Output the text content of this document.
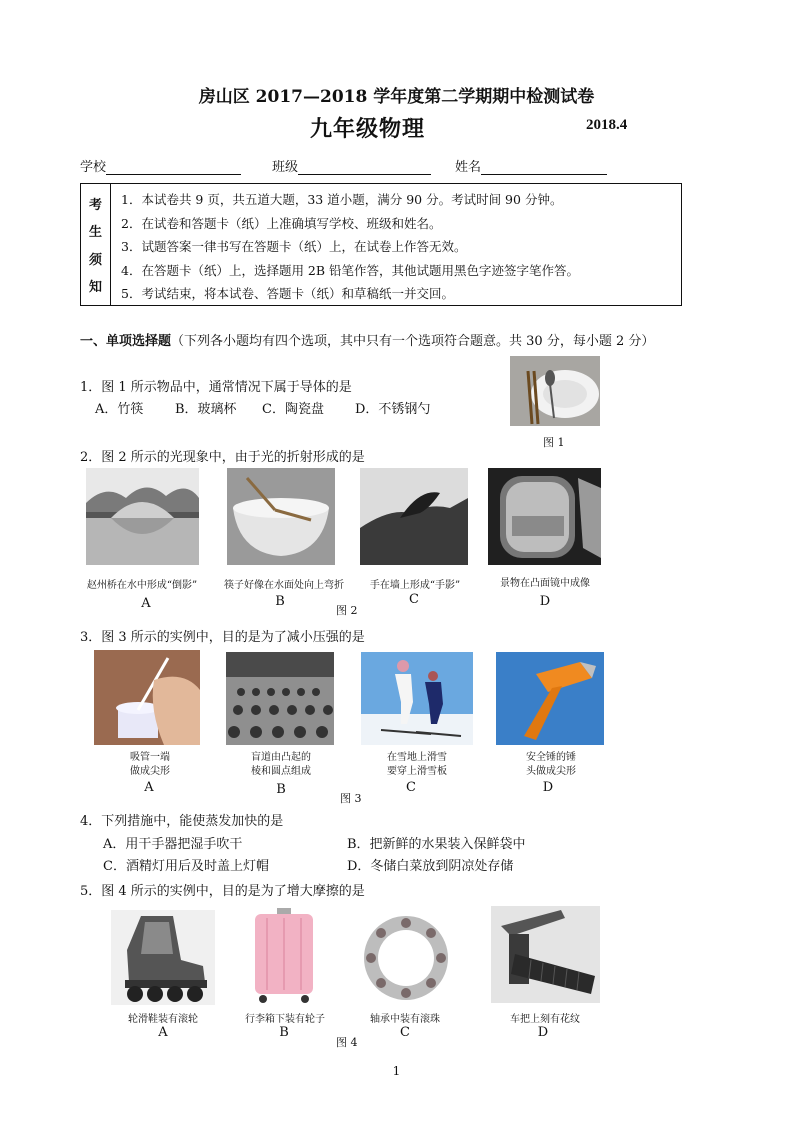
房山区 2017—2018 学年度第二学期期中检测试卷
九年级物理	2018.4
学校	班级	姓名
考
生
须
知
1．本试卷共 9 页，共五道大题，33 道小题，满分 90 分。考试时间 90 分钟。
2．在试卷和答题卡（纸）上准确填写学校、班级和姓名。
3．试题答案一律书写在答题卡（纸）上，在试卷上作答无效。
4．在答题卡（纸）上，选择题用 2B 铅笔作答，其他试题用黑色字迹签字笔作答。
5．考试结束，将本试卷、答题卡（纸）和草稿纸一并交回。
一、单项选择题（下列各小题均有四个选项，其中只有一个选项符合题意。共 30 分，每小题 2 分）
1．图 1 所示物品中，通常情况下属于导体的是
A．竹筷 B．玻璃杯 C．陶瓷盘 D．不锈钢勺
图 1
2．图 2 所示的光现象中，由于光的折射形成的是
赵州桥在水中形成“倒影”	筷子好像在水面处向上弯折	手在墙上形成“手影”	景物在凸面镜中成像
A	B	C	D
图 2
3．图 3 所示的实例中，目的是为了减小压强的是
吸管一端
做成尖形
盲道由凸起的
棱和圆点组成
在雪地上滑雪
要穿上滑雪板
安全锤的锤
头做成尖形
A	B	C	D
图 3
4．下列措施中，能使蒸发加快的是
A．用干手器把湿手吹干	B．把新鲜的水果装入保鲜袋中
C．酒精灯用后及时盖上灯帽	D．冬储白菜放到阴凉处存储
5．图 4 所示的实例中，目的是为了增大摩擦的是
轮滑鞋装有滚轮	行李箱下装有轮子	轴承中装有滚珠	车把上刻有花纹
A	B	C	D
图 4
1
